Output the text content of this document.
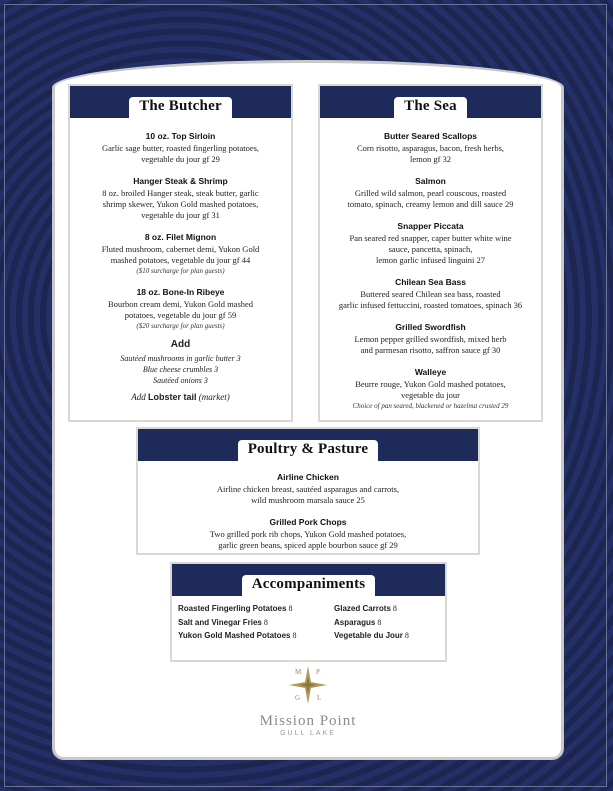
The Butcher
10 oz. Top Sirloin
Garlic sage butter, roasted fingerling potatoes,
vegetable du jour gf 29
Hanger Steak & Shrimp
8 oz. broiled Hanger steak, steak butter, garlic
shrimp skewer, Yukon Gold mashed potatoes,
vegetable du jour gf 31
8 oz. Filet Mignon
Fluted mushroom, cabernet demi, Yukon Gold
mashed potatoes, vegetable du jour gf 44
($10 surcharge for plan guests)
18 oz. Bone-In Ribeye
Bourbon cream demi, Yukon Gold mashed
potatoes, vegetable du jour gf 59
($20 surcharge for plan guests)
Add
Sautéed mushrooms in garlic butter 3
Blue cheese crumbles 3
Sautéed onions 3
Add Lobster tail (market)
The Sea
Butter Seared Scallops
Corn risotto, asparagus, bacon, fresh herbs,
lemon gf 32
Salmon
Grilled wild salmon, pearl couscous, roasted
tomato, spinach, creamy lemon and dill sauce 29
Snapper Piccata
Pan seared red snapper, caper butter white wine
sauce, pancetta, spinach,
lemon garlic infused linguini 27
Chilean Sea Bass
Buttered seared Chilean sea bass, roasted
garlic infused fettuccini, roasted tomatoes, spinach 36
Grilled Swordfish
Lemon pepper grilled swordfish, mixed herb
and parmesan risotto, saffron sauce gf 30
Walleye
Beurre rouge, Yukon Gold mashed potatoes,
vegetable du jour
Choice of pan seared, blackened or hazelnut crusted 29
Poultry & Pasture
Airline Chicken
Airline chicken breast, sautéed asparagus and carrots,
wild mushroom marsala sauce 25
Grilled Pork Chops
Two grilled pork rib chops, Yukon Gold mashed potatoes,
garlic green beans, spiced apple bourbon sauce gf 29
Accompaniments
Roasted Fingerling Potatoes 8
Salt and Vinegar Fries 8
Yukon Gold Mashed Potatoes 8
Glazed Carrots 8
Asparagus 8
Vegetable du Jour 8
M P
G L
Mission Point
GULL LAKE
